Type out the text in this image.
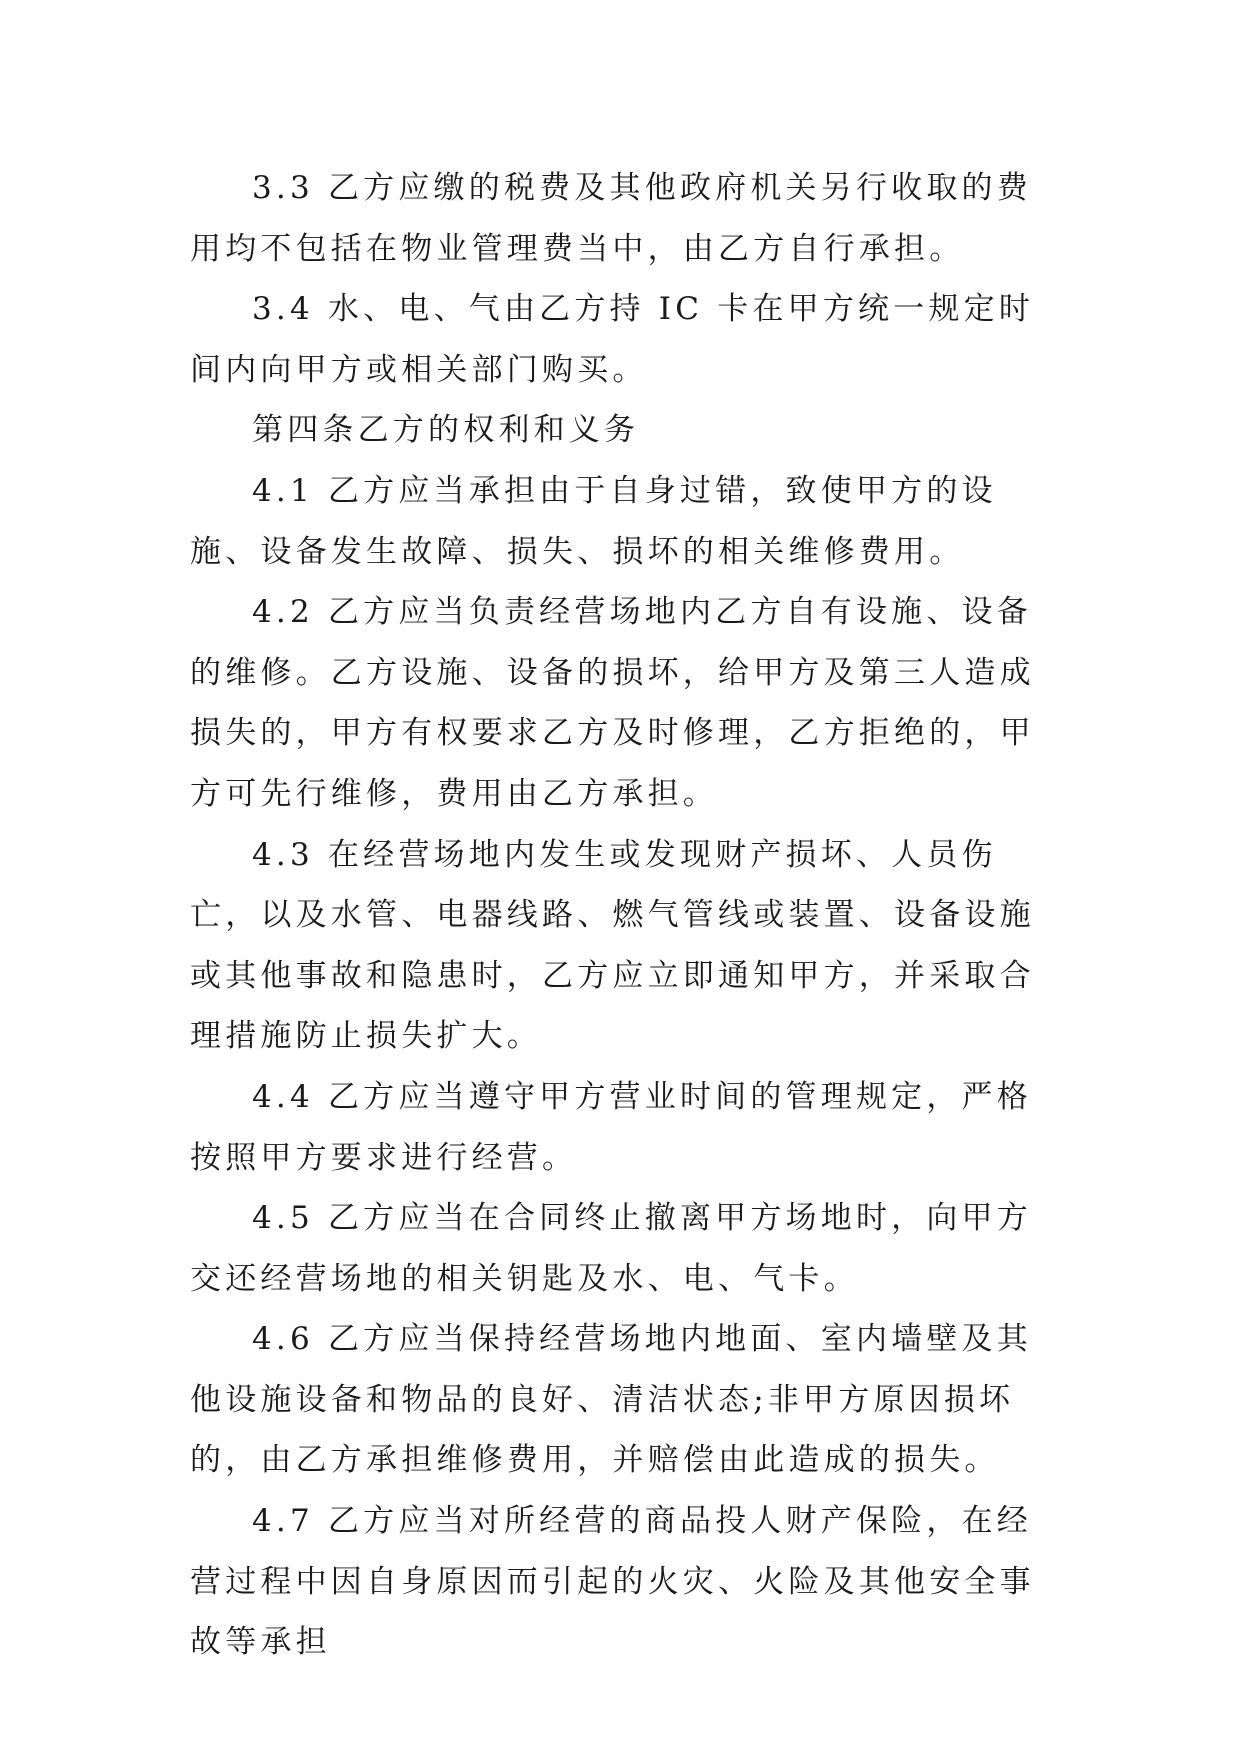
3.3 乙方应缴的税费及其他政府机关另行收取的费用均不包括在物业管理费当中，由乙方自行承担。

3.4 水、电、气由乙方持 IC 卡在甲方统一规定时间内向甲方或相关部门购买。

第四条乙方的权利和义务

4.1 乙方应当承担由于自身过错，致使甲方的设施、设备发生故障、损失、损坏的相关维修费用。

4.2 乙方应当负责经营场地内乙方自有设施、设备的维修。乙方设施、设备的损坏，给甲方及第三人造成损失的，甲方有权要求乙方及时修理，乙方拒绝的，甲方可先行维修，费用由乙方承担。

4.3 在经营场地内发生或发现财产损坏、人员伤亡，以及水管、电器线路、燃气管线或装置、设备设施或其他事故和隐患时，乙方应立即通知甲方，并采取合理措施防止损失扩大。

4.4 乙方应当遵守甲方营业时间的管理规定，严格按照甲方要求进行经营。

4.5 乙方应当在合同终止撤离甲方场地时，向甲方交还经营场地的相关钥匙及水、电、气卡。

4.6 乙方应当保持经营场地内地面、室内墙壁及其他设施设备和物品的良好、清洁状态;非甲方原因损坏的，由乙方承担维修费用，并赔偿由此造成的损失。

4.7 乙方应当对所经营的商品投人财产保险，在经营过程中因自身原因而引起的火灾、火险及其他安全事故等承担
